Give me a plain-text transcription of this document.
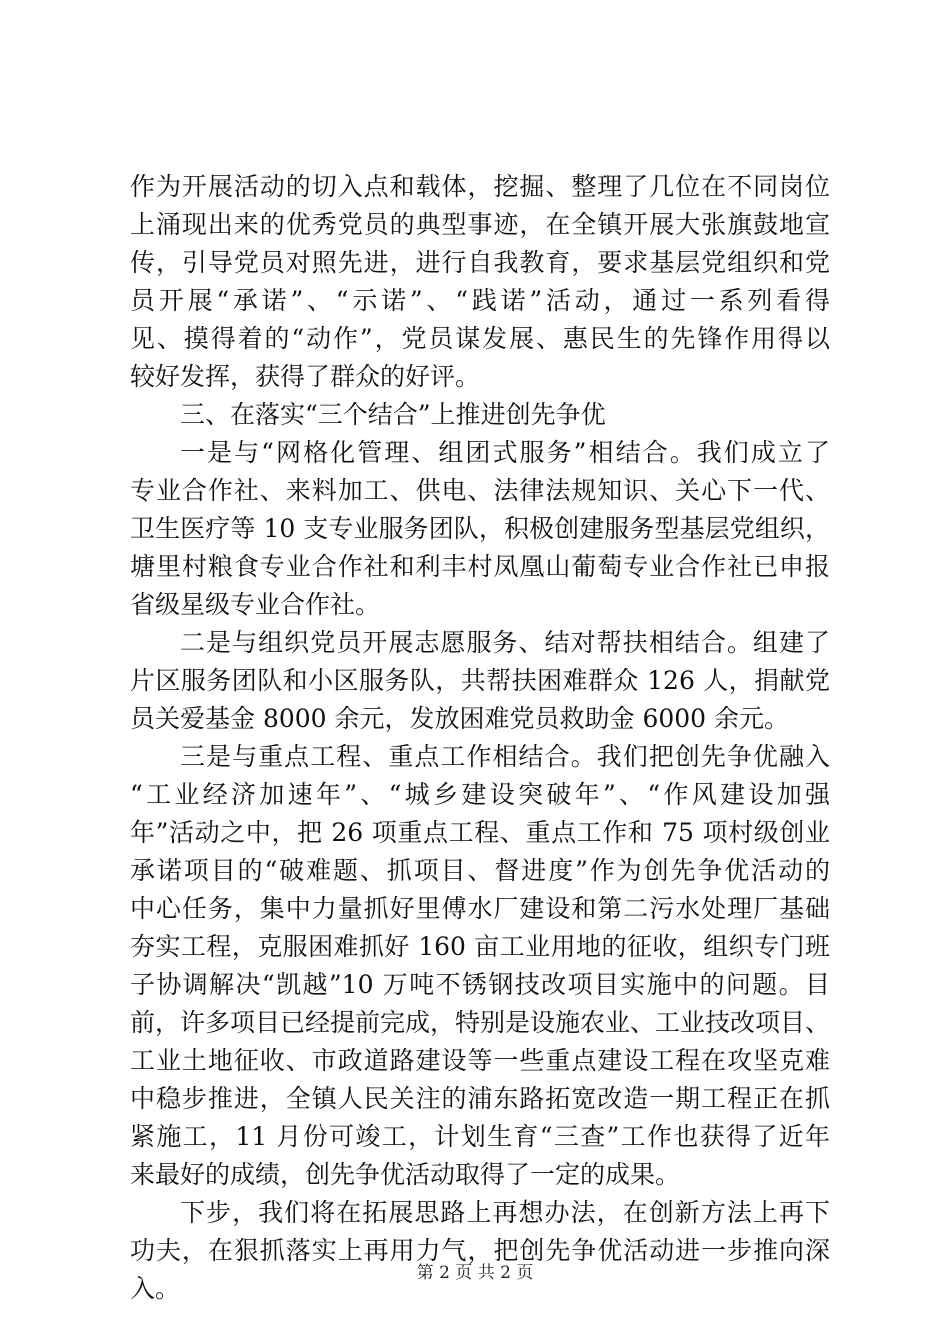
作为开展活动的切入点和载体，挖掘、整理了几位在不同岗位
上涌现出来的优秀党员的典型事迹，在全镇开展大张旗鼓地宣
传，引导党员对照先进，进行自我教育，要求基层党组织和党
员开展“承诺”、“示诺”、“践诺”活动，通过一系列看得
见、摸得着的“动作”，党员谋发展、惠民生的先锋作用得以
较好发挥，获得了群众的好评。
三、在落实“三个结合”上推进创先争优
一是与“网格化管理、组团式服务”相结合。我们成立了
专业合作社、来料加工、供电、法律法规知识、关心下一代、
卫生医疗等 10 支专业服务团队，积极创建服务型基层党组织，
塘里村粮食专业合作社和利丰村凤凰山葡萄专业合作社已申报
省级星级专业合作社。
二是与组织党员开展志愿服务、结对帮扶相结合。组建了
片区服务团队和小区服务队，共帮扶困难群众 126 人，捐献党
员关爱基金 8000 余元，发放困难党员救助金 6000 余元。
三是与重点工程、重点工作相结合。我们把创先争优融入
“工业经济加速年”、“城乡建设突破年”、“作风建设加强
年”活动之中，把 26 项重点工程、重点工作和 75 项村级创业
承诺项目的“破难题、抓项目、督进度”作为创先争优活动的
中心任务，集中力量抓好里傅水厂建设和第二污水处理厂基础
夯实工程，克服困难抓好 160 亩工业用地的征收，组织专门班
子协调解决“凯越”10 万吨不锈钢技改项目实施中的问题。目
前，许多项目已经提前完成，特别是设施农业、工业技改项目、
工业土地征收、市政道路建设等一些重点建设工程在攻坚克难
中稳步推进，全镇人民关注的浦东路拓宽改造一期工程正在抓
紧施工，11 月份可竣工，计划生育“三查”工作也获得了近年
来最好的成绩，创先争优活动取得了一定的成果。
下步，我们将在拓展思路上再想办法，在创新方法上再下
功夫，在狠抓落实上再用力气，把创先争优活动进一步推向深
入。
第 2 页 共 2 页
